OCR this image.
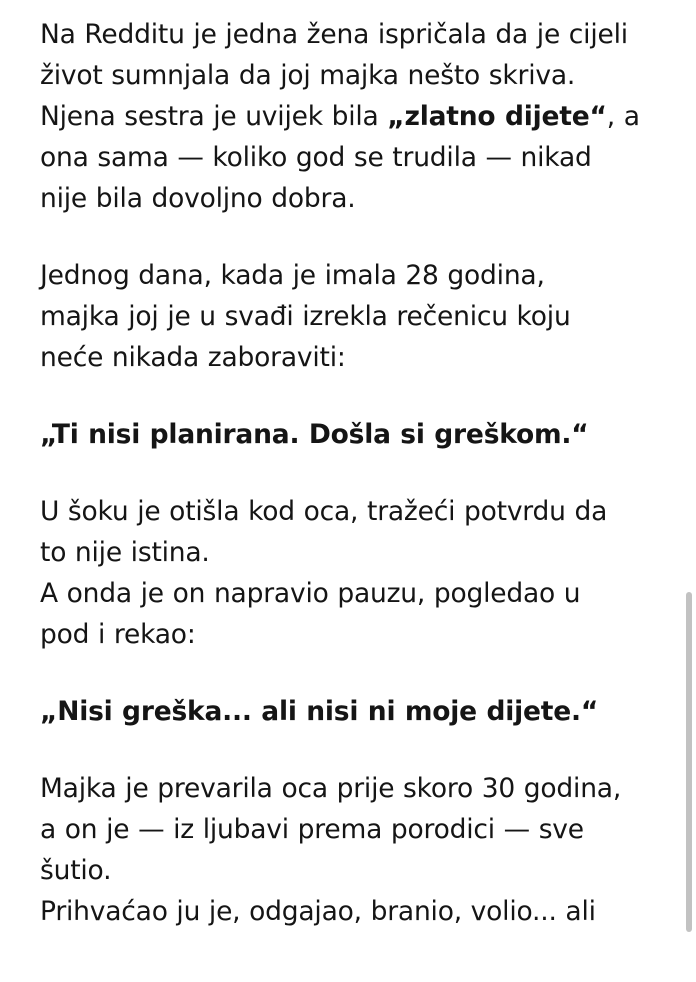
Na Redditu je jedna žena ispričala da je cijeli
život sumnjala da joj majka nešto skriva.
Njena sestra je uvijek bila „zlatno dijete“, a
ona sama — koliko god se trudila — nikad
nije bila dovoljno dobra.

Jednog dana, kada je imala 28 godina,
majka joj je u svađi izrekla rečenicu koju
neće nikada zaboraviti:

„Ti nisi planirana. Došla si greškom.“

U šoku je otišla kod oca, tražeći potvrdu da
to nije istina.
A onda je on napravio pauzu, pogledao u
pod i rekao:

„Nisi greška... ali nisi ni moje dijete.“

Majka je prevarila oca prije skoro 30 godina,
a on je — iz ljubavi prema porodici — sve
šutio.
Prihvaćao ju je, odgajao, branio, volio... ali
